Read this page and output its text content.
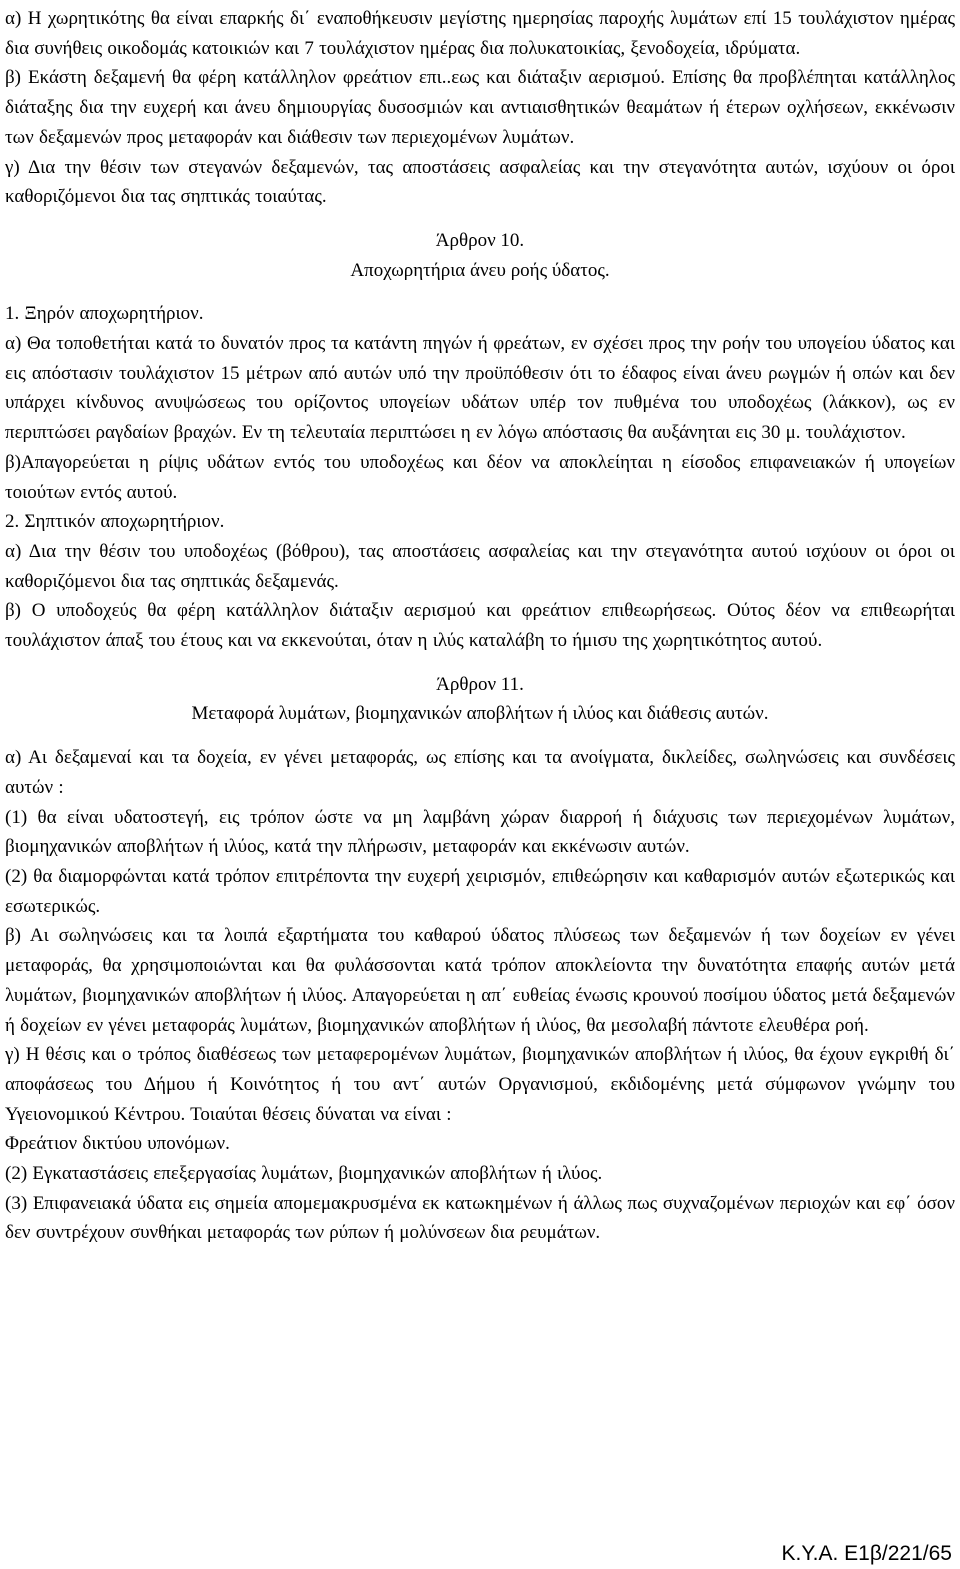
α) Η χωρητικότης θα είναι επαρκής δι΄ εναποθήκευσιν μεγίστης ημερησίας παροχής λυμάτων επί 15 τουλάχιστον ημέρας δια συνήθεις οικοδομάς κατοικιών και 7 τουλάχιστον ημέρας δια πολυκατοικίας, ξενοδοχεία, ιδρύματα.

β) Εκάστη δεξαμενή θα φέρη κατάλληλον φρεάτιον επι..εως και διάταξιν αερισμού. Επίσης θα προβλέπηται κατάλληλος διάταξης δια την ευχερή και άνευ δημιουργίας δυσοσμιών και αντιαισθητικών θεαμάτων ή έτερων οχλήσεων, εκκένωσιν των δεξαμενών προς μεταφοράν και διάθεσιν των περιεχομένων λυμάτων.

γ) Δια την θέσιν των στεγανών δεξαμενών, τας αποστάσεις ασφαλείας και την στεγανότητα αυτών, ισχύουν οι όροι καθοριζόμενοι δια τας σηπτικάς τοιαύτας.

Άρθρον 10.

Αποχωρητήρια άνευ ροής ύδατος.

1. Ξηρόν αποχωρητήριον.

α) Θα τοποθετήται κατά το δυνατόν προς τα κατάντη πηγών ή φρεάτων, εν σχέσει προς την ροήν του υπογείου ύδατος και εις απόστασιν τουλάχιστον 15 μέτρων από αυτών υπό την προϋπόθεσιν ότι το έδαφος είναι άνευ ρωγμών ή οπών και δεν υπάρχει κίνδυνος ανυψώσεως του ορίζοντος υπογείων υδάτων υπέρ τον πυθμένα του υποδοχέως (λάκκον), ως εν περιπτώσει ραγδαίων βραχών. Εν τη τελευταία περιπτώσει η εν λόγω απόστασις θα αυξάνηται εις 30 μ. τουλάχιστον.

β)Απαγορεύεται η ρίψις υδάτων εντός του υποδοχέως και δέον να αποκλείηται η είσοδος επιφανειακών ή υπογείων τοιούτων εντός αυτού.

2. Σηπτικόν αποχωρητήριον.

α) Δια την θέσιν του υποδοχέως (βόθρου), τας αποστάσεις ασφαλείας και την στεγανότητα αυτού ισχύουν οι όροι οι καθοριζόμενοι δια τας σηπτικάς δεξαμενάς.

β) Ο υποδοχεύς θα φέρη κατάλληλον διάταξιν αερισμού και φρεάτιον επιθεωρήσεως. Ούτος δέον να επιθεωρήται τουλάχιστον άπαξ του έτους και να εκκενούται, όταν η ιλύς καταλάβη το ήμισυ της χωρητικότητος αυτού.

Άρθρον 11.

Μεταφορά λυμάτων, βιομηχανικών αποβλήτων ή ιλύος και διάθεσις αυτών.

α) Αι δεξαμεναί και τα δοχεία, εν γένει μεταφοράς, ως επίσης και τα ανοίγματα, δικλείδες, σωληνώσεις και συνδέσεις αυτών :

(1) θα είναι υδατοστεγή, εις τρόπον ώστε να μη λαμβάνη χώραν διαρροή ή διάχυσις των περιεχομένων λυμάτων, βιομηχανικών αποβλήτων ή ιλύος, κατά την πλήρωσιν, μεταφοράν και εκκένωσιν αυτών.

(2) θα διαμορφώνται κατά τρόπον επιτρέποντα την ευχερή χειρισμόν, επιθεώρησιν και καθαρισμόν αυτών εξωτερικώς και εσωτερικώς.

β) Αι σωληνώσεις και τα λοιπά εξαρτήματα του καθαρού ύδατος πλύσεως των δεξαμενών ή των δοχείων εν γένει μεταφοράς, θα χρησιμοποιώνται και θα φυλάσσονται κατά τρόπον αποκλείοντα την δυνατότητα επαφής αυτών μετά λυμάτων, βιομηχανικών αποβλήτων ή ιλύος. Απαγορεύεται η απ΄ ευθείας ένωσις κρουνού ποσίμου ύδατος μετά δεξαμενών ή δοχείων εν γένει μεταφοράς λυμάτων, βιομηχανικών αποβλήτων ή ιλύος, θα μεσολαβή πάντοτε ελευθέρα ροή.

γ) Η θέσις και ο τρόπος διαθέσεως των μεταφερομένων λυμάτων, βιομηχανικών αποβλήτων ή ιλύος, θα έχουν εγκριθή δι΄ αποφάσεως του Δήμου ή Κοινότητος ή του αντ΄ αυτών Οργανισμού, εκδιδομένης μετά σύμφωνον γνώμην του Υγειονομικού Κέντρου. Τοιαύται θέσεις δύναται να είναι :

Φρεάτιον δικτύου υπονόμων.

(2) Εγκαταστάσεις επεξεργασίας λυμάτων, βιομηχανικών αποβλήτων ή ιλύος.

(3) Επιφανειακά ύδατα εις σημεία απομεμακρυσμένα εκ κατωκημένων ή άλλως πως συχναζομένων περιοχών και εφ΄ όσον δεν συντρέχουν συνθήκαι μεταφοράς των ρύπων ή μολύνσεων δια ρευμάτων.

Κ.Υ.Α. Ε1β/221/65
